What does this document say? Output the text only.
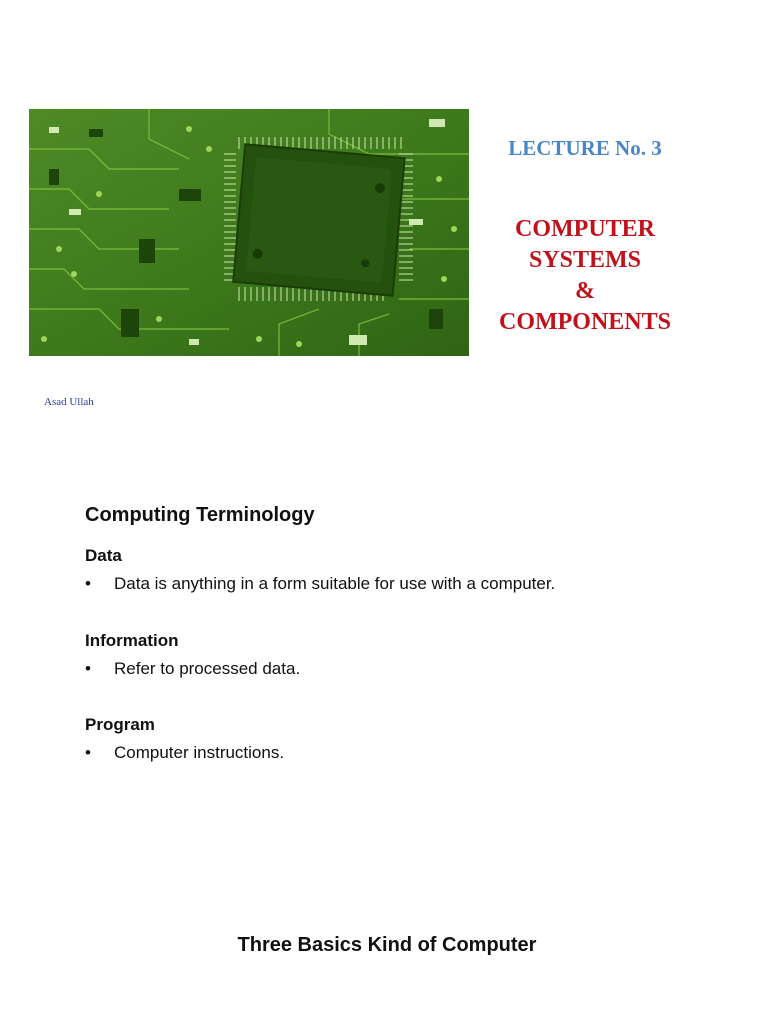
LECTURE No. 3
COMPUTER
SYSTEMS
&
COMPONENTS
Asad Ullah
Computing Terminology
Data
• Data is anything in a form suitable for use with a computer.
Information
• Refer to processed data.
Program
• Computer instructions.
Three Basics Kind of Computer
